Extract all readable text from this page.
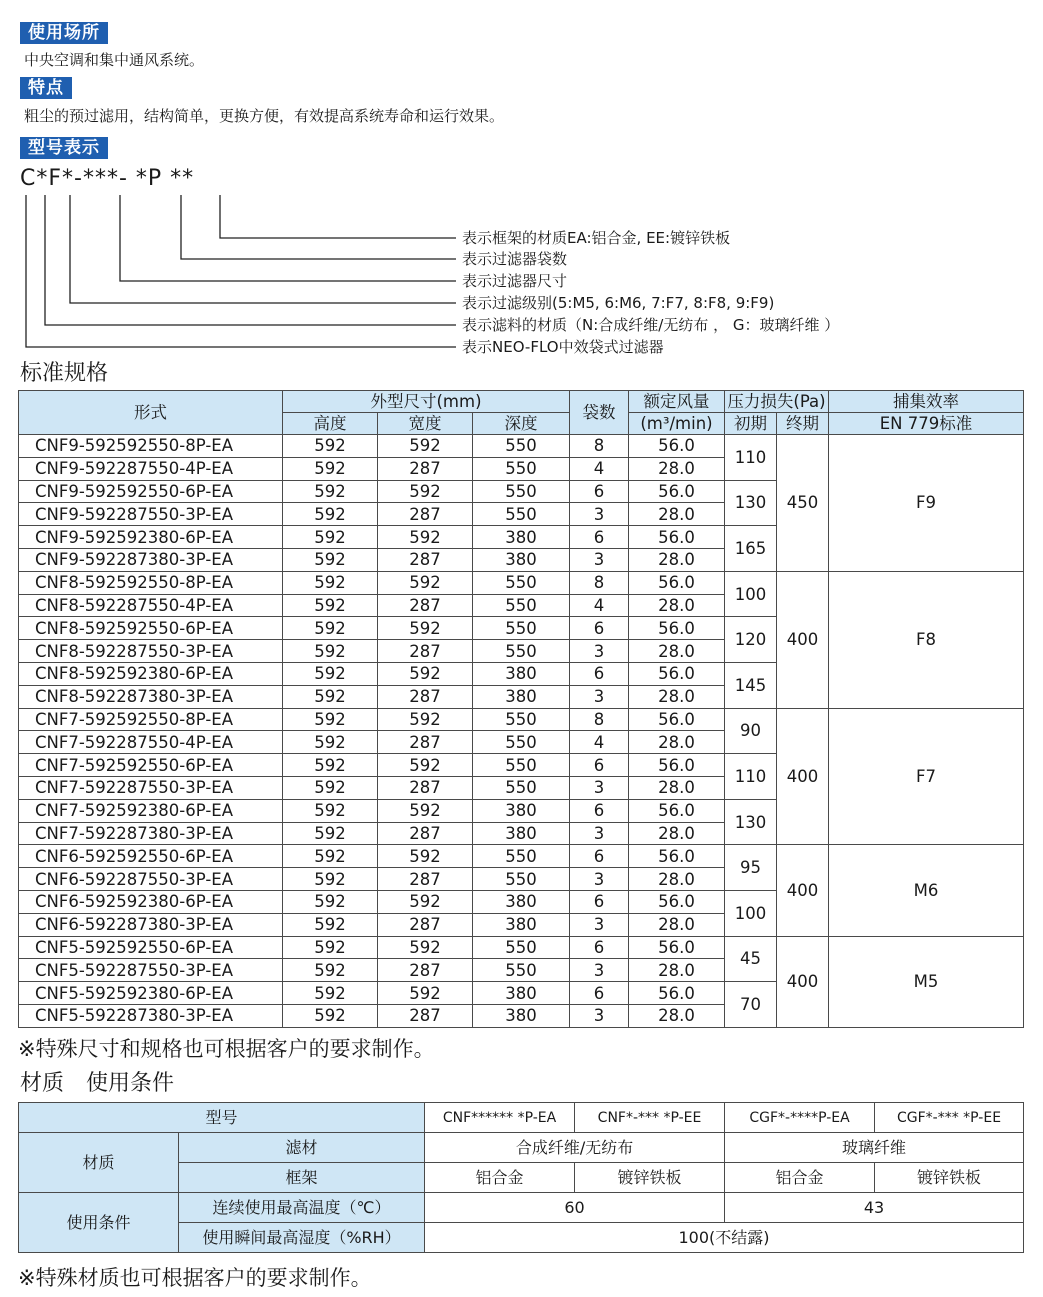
使用场所
中央空调和集中通风系统。
特点
粗尘的预过滤用，结构简单，更换方便，有效提高系统寿命和运行效果。
型号表示
C*F*-***- *P **
表示框架的材质EA:铝合金, EE:镀锌铁板
表示过滤器袋数
表示过滤器尺寸
表示过滤级别(5:M5, 6:M6, 7:F7, 8:F8, 9:F9)
表示滤料的材质（N:合成纤维/无纺布 ， G：玻璃纤维 ）
表示NEO-FLO中效袋式过滤器
标准规格
形式	外型尺寸(mm)			袋数	额定风量	压力损失(Pa)		捕集效率
	高度	宽度	深度		(m³/min)	初期	终期	EN 779标准
CNF9-592592550-8P-EA	592	592	550	8	56.0	110	450	F9
CNF9-592287550-4P-EA	592	287	550	4	28.0			
CNF9-592592550-6P-EA	592	592	550	6	56.0	130		
CNF9-592287550-3P-EA	592	287	550	3	28.0			
CNF9-592592380-6P-EA	592	592	380	6	56.0	165		
CNF9-592287380-3P-EA	592	287	380	3	28.0			
CNF8-592592550-8P-EA	592	592	550	8	56.0	100	400	F8
CNF8-592287550-4P-EA	592	287	550	4	28.0			
CNF8-592592550-6P-EA	592	592	550	6	56.0	120		
CNF8-592287550-3P-EA	592	287	550	3	28.0			
CNF8-592592380-6P-EA	592	592	380	6	56.0	145		
CNF8-592287380-3P-EA	592	287	380	3	28.0			
CNF7-592592550-8P-EA	592	592	550	8	56.0	90	400	F7
CNF7-592287550-4P-EA	592	287	550	4	28.0			
CNF7-592592550-6P-EA	592	592	550	6	56.0	110		
CNF7-592287550-3P-EA	592	287	550	3	28.0			
CNF7-592592380-6P-EA	592	592	380	6	56.0	130		
CNF7-592287380-3P-EA	592	287	380	3	28.0			
CNF6-592592550-6P-EA	592	592	550	6	56.0	95	400	M6
CNF6-592287550-3P-EA	592	287	550	3	28.0			
CNF6-592592380-6P-EA	592	592	380	6	56.0	100		
CNF6-592287380-3P-EA	592	287	380	3	28.0			
CNF5-592592550-6P-EA	592	592	550	6	56.0	45	400	M5
CNF5-592287550-3P-EA	592	287	550	3	28.0			
CNF5-592592380-6P-EA	592	592	380	6	56.0	70		
CNF5-592287380-3P-EA	592	287	380	3	28.0			
※特殊尺寸和规格也可根据客户的要求制作。
材质　使用条件
型号		CNF****** *P-EA	CNF*-*** *P-EE	CGF*-****P-EA	CGF*-*** *P-EE
材质	滤材	合成纤维/无纺布		玻璃纤维	
	框架	铝合金	镀锌铁板	铝合金	镀锌铁板
使用条件	连续使用最高温度（℃）	60		43	
	使用瞬间最高湿度（%RH）	100(不结露)			
※特殊材质也可根据客户的要求制作。
